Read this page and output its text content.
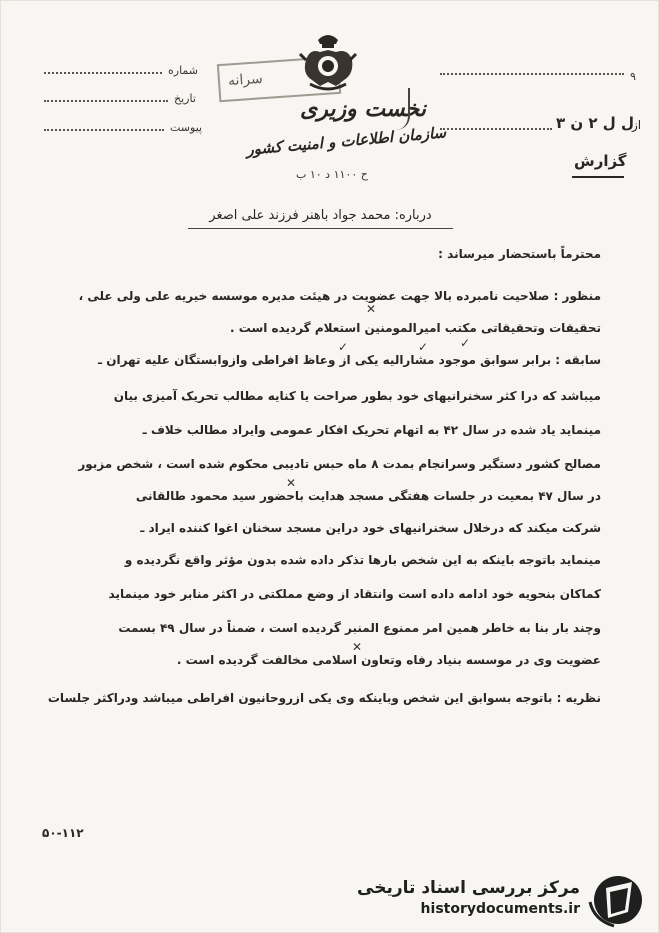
شماره
تاریخ
پیوست
سرانه
نخست وزیری
سازمان اطلاعات و امنیت کشور
ح ۱۱۰۰ د ۱۰ ب
۹
از
۳ ل ل ۲ ن
گزارش
درباره: محمد جواد باهنر فرزند علی اصغر
محترماً باستحضار میرساند :
منظور : صلاحیت نامبرده بالا جهت عضویت در هیئت مدیره موسسه خیریه علی ولی علی ،
تحقیقات وتحقیقاتی مکتب امیرالمومنین استعلام گردیده است .
سابقه : برابر سوابق موجود مشارالیه یکی از وعاظ افراطی وازوابستگان علیه تهران ـ
میباشد که درا کثر سخنرانیهای خود بطور صراحت یا کنایه مطالب تحریک آمیزی بیان
مینماید یاد شده در سال ۴۲ به اتهام تحریک افکار عمومی وایراد مطالب خلاف ـ
مصالح کشور دستگیر وسرانجام بمدت ۸ ماه حبس تادیبی محکوم شده است ، شخص مزبور
در سال ۴۷ بمعیت در جلسات هفتگی مسجد هدایت باحضور سید محمود طالقانی
شرکت میکند که درخلال سخنرانیهای خود دراین مسجد سخنان اغوا کننده ایراد ـ
مینماید باتوجه باینکه به این شخص بارها تذکر داده شده بدون مؤثر واقع نگردیده و
کماکان بنحویه خود ادامه داده است وانتقاد از وضع مملکتی در اکثر منابر خود مینماید
وچند بار بنا به خاطر همین امر ممنوع المنبر گردیده است ، ضمناً در سال ۴۹ بسمت
عضویت وی در موسسه بنیاد رفاه وتعاون اسلامی مخالفت گردیده است .
نظریه : باتوجه بسوابق این شخص وباینکه وی یکی ازروحانیون افراطی میباشد ودراکثر جلسات
✕
✓
✓
✓
✕
✕
۵۰-۱۱۲
مرکز بررسی اسناد تاریخی
historydocuments.ir
